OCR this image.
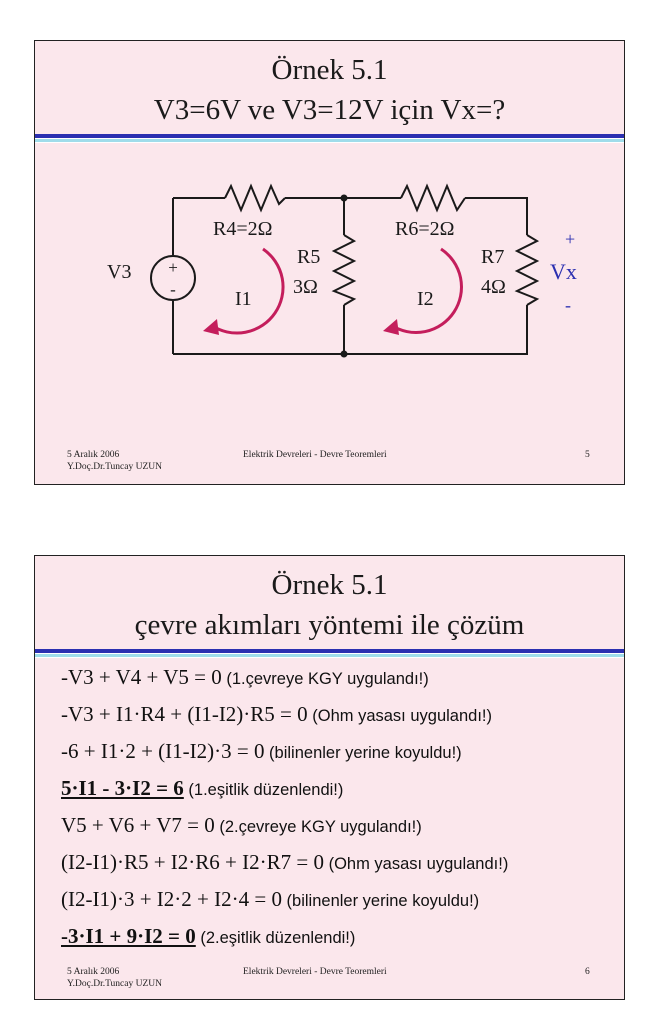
Örnek 5.1
V3=6V ve V3=12V için Vx=?
+
-
V3
R4=2Ω	R6=2Ω
R5
3Ω
R7
4Ω
I1	I2
+
Vx
-
5 Aralık 2006
Y.Doç.Dr.Tuncay UZUN
Elektrik Devreleri - Devre Teoremleri	5
Örnek 5.1
çevre akımları yöntemi ile çözüm
-V3 + V4 + V5 = 0 (1.çevreye KGY uygulandı!)
-V3 + I1·R4 + (I1-I2)·R5 = 0 (Ohm yasası uygulandı!)
-6 + I1·2 + (I1-I2)·3 = 0 (bilinenler yerine koyuldu!)
5·I1 - 3·I2 = 6 (1.eşitlik düzenlendi!)
V5 + V6 + V7 = 0 (2.çevreye KGY uygulandı!)
(I2-I1)·R5 + I2·R6 + I2·R7 = 0 (Ohm yasası uygulandı!)
(I2-I1)·3 + I2·2 + I2·4 = 0 (bilinenler yerine koyuldu!)
-3·I1 + 9·I2 = 0 (2.eşitlik düzenlendi!)
5 Aralık 2006
Y.Doç.Dr.Tuncay UZUN
Elektrik Devreleri - Devre Teoremleri	6
